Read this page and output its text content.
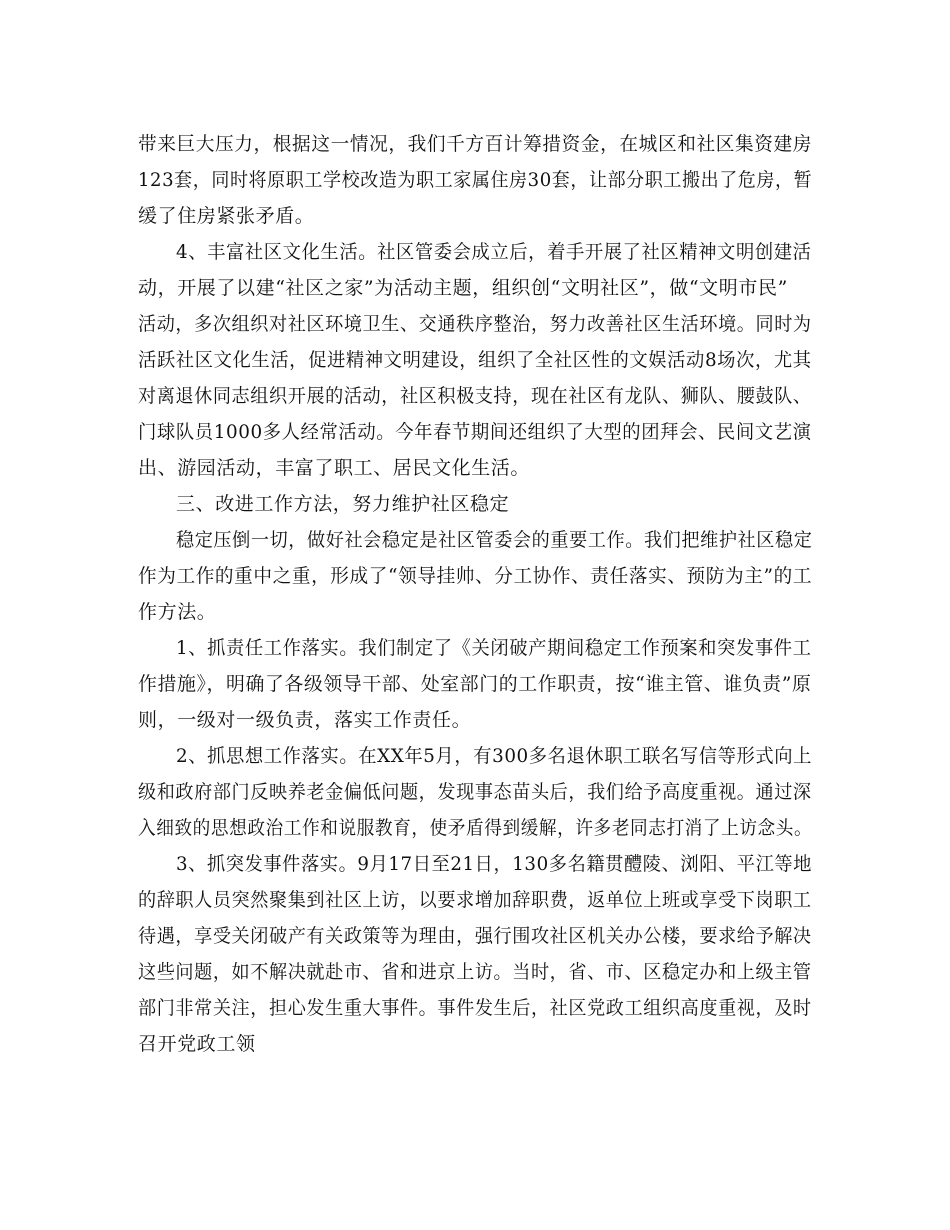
带来巨大压力，根据这一情况，我们千方百计筹措资金，在城区和社区集资建房
123套，同时将原职工学校改造为职工家属住房30套，让部分职工搬出了危房，暂
缓了住房紧张矛盾。
4、丰富社区文化生活。社区管委会成立后，着手开展了社区精神文明创建活
动，开展了以建“社区之家”为活动主题，组织创“文明社区”，做“文明市民”
活动，多次组织对社区环境卫生、交通秩序整治，努力改善社区生活环境。同时为
活跃社区文化生活，促进精神文明建设，组织了全社区性的文娱活动8场次，尤其
对离退休同志组织开展的活动，社区积极支持，现在社区有龙队、狮队、腰鼓队、
门球队员1000多人经常活动。今年春节期间还组织了大型的团拜会、民间文艺演
出、游园活动，丰富了职工、居民文化生活。
三、改进工作方法，努力维护社区稳定
稳定压倒一切，做好社会稳定是社区管委会的重要工作。我们把维护社区稳定
作为工作的重中之重，形成了“领导挂帅、分工协作、责任落实、预防为主”的工
作方法。
1、抓责任工作落实。我们制定了《关闭破产期间稳定工作预案和突发事件工
作措施》，明确了各级领导干部、处室部门的工作职责，按“谁主管、谁负责”原
则，一级对一级负责，落实工作责任。
2、抓思想工作落实。在XX年5月，有300多名退休职工联名写信等形式向上
级和政府部门反映养老金偏低问题，发现事态苗头后，我们给予高度重视。通过深
入细致的思想政治工作和说服教育，使矛盾得到缓解，许多老同志打消了上访念头。
3、抓突发事件落实。9月17日至21日，130多名籍贯醴陵、浏阳、平江等地
的辞职人员突然聚集到社区上访，以要求增加辞职费，返单位上班或享受下岗职工
待遇，享受关闭破产有关政策等为理由，强行围攻社区机关办公楼，要求给予解决
这些问题，如不解决就赴市、省和进京上访。当时，省、市、区稳定办和上级主管
部门非常关注，担心发生重大事件。事件发生后，社区党政工组织高度重视，及时
召开党政工领
